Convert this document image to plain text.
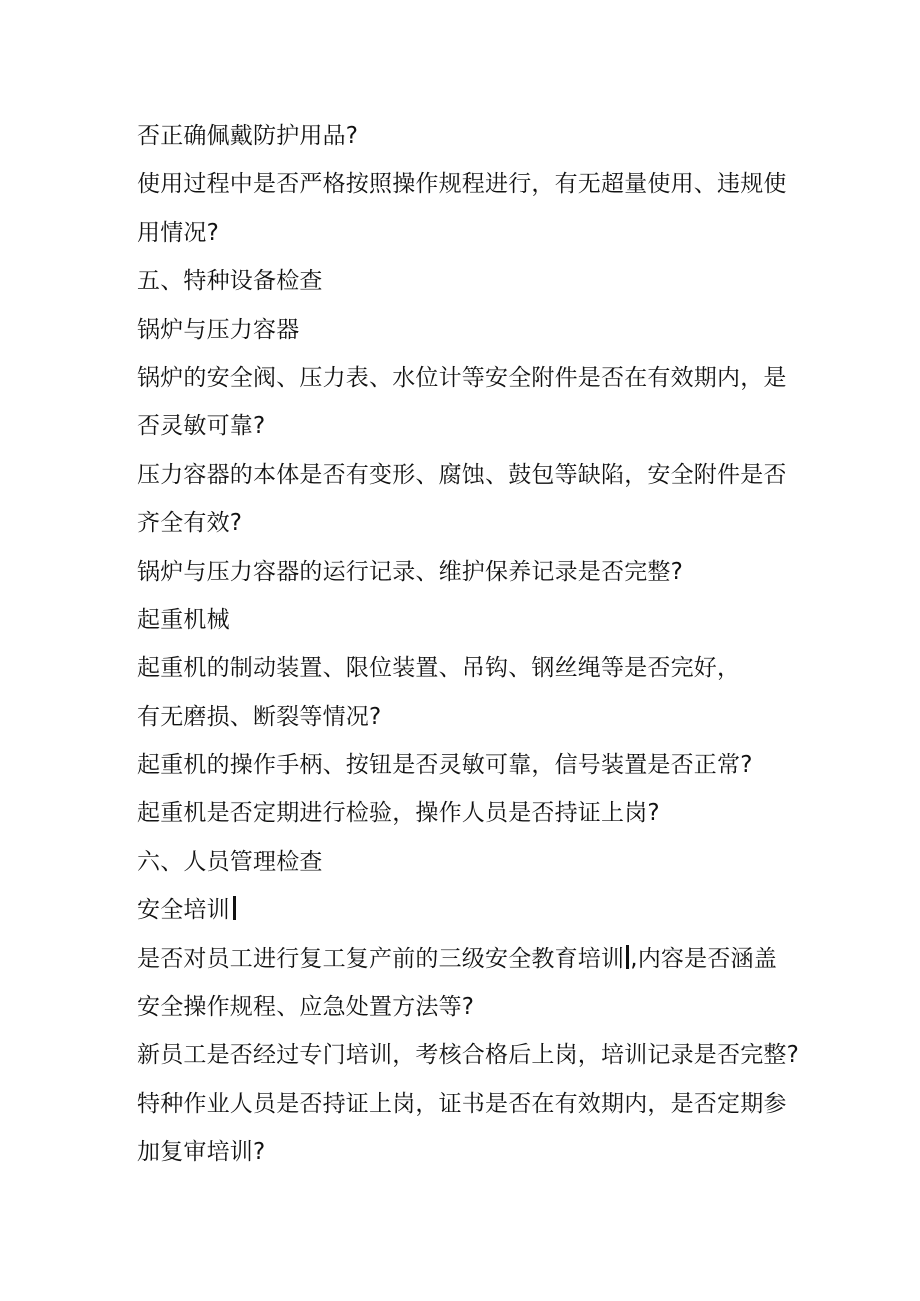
否正确佩戴防护用品?
使用过程中是否严格按照操作规程进行，有无超量使用、违规使
用情况?
五、特种设备检查
锅炉与压力容器
锅炉的安全阀、压力表、水位计等安全附件是否在有效期内，是
否灵敏可靠?
压力容器的本体是否有变形、腐蚀、鼓包等缺陷，安全附件是否
齐全有效?
锅炉与压力容器的运行记录、维护保养记录是否完整?
起重机械
起重机的制动装置、限位装置、吊钩、钢丝绳等是否完好，
有无磨损、断裂等情况?
起重机的操作手柄、按钮是否灵敏可靠，信号装置是否正常?
起重机是否定期进行检验，操作人员是否持证上岗?
六、人员管理检查
安全培训
是否对员工进行复工复产前的三级安全教育培训 ,内容是否涵盖
安全操作规程、应急处置方法等?
新员工是否经过专门培训，考核合格后上岗，培训记录是否完整?
特种作业人员是否持证上岗，证书是否在有效期内，是否定期参
加复审培训?
